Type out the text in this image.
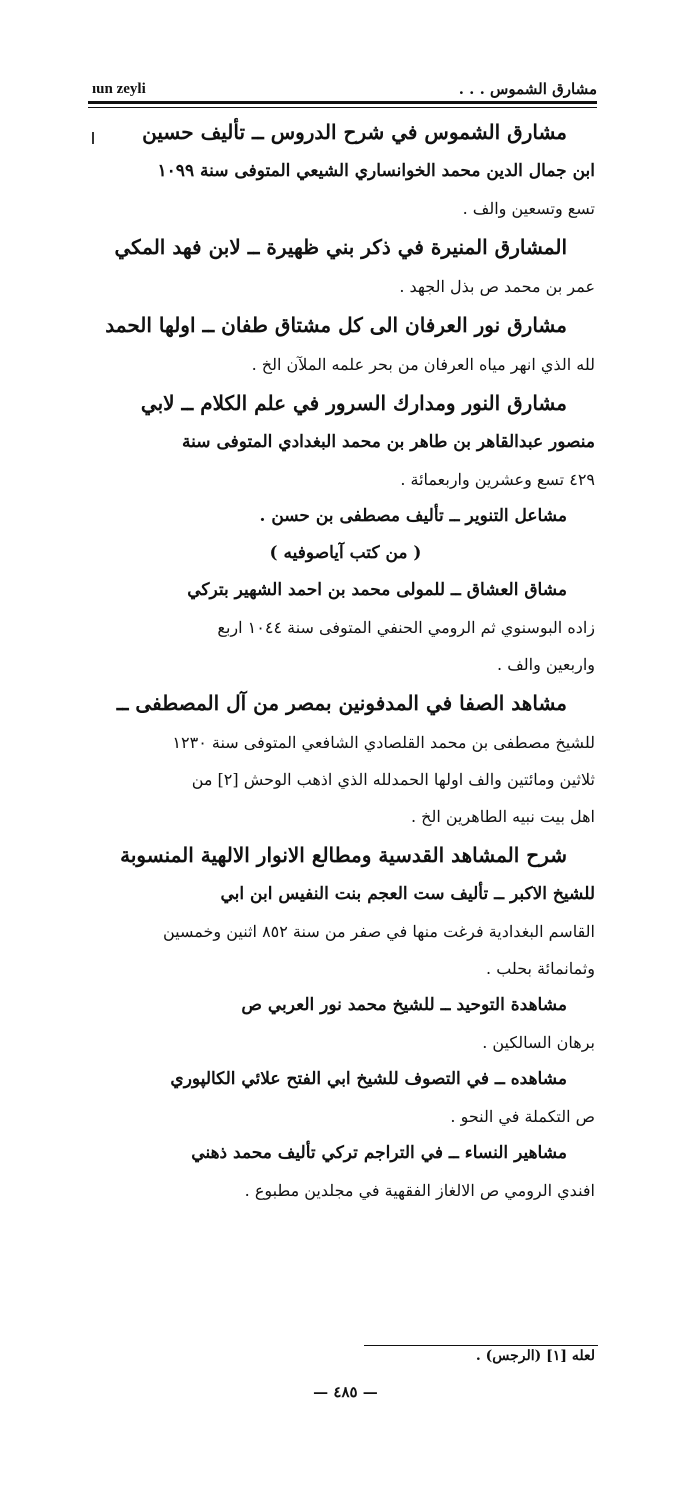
ıun zeyli	مشارق الشموس . . .
مشارق الشموس في شرح الدروس ــ تأليف حسين
ابن جمال الدين محمد الخوانساري الشيعي المتوفى سنة ١٠٩٩
تسع وتسعين والف .
المشارق المنيرة في ذكر بني ظهيرة ــ لابن فهد المكي
عمر بن محمد ص بذل الجهد .
مشارق نور العرفان الى كل مشتاق طفان ــ اولها الحمد
لله الذي انهر مياه العرفان من بحر علمه الملآن الخ .
مشارق النور ومدارك السرور في علم الكلام ــ لابي
منصور عبدالقاهر بن طاهر بن محمد البغدادي المتوفى سنة
٤٢٩ تسع وعشرين واربعمائة .
مشاعل التنوير ــ تأليف مصطفى بن حسن .
( من كتب آياصوفيه )
مشاق العشاق ــ للمولى محمد بن احمد الشهير بتركي
زاده البوسنوي ثم الرومي الحنفي المتوفى سنة ١٠٤٤ اربع
واربعين والف .
مشاهد الصفا في المدفونين بمصر من آل المصطفى ــ
للشيخ مصطفى بن محمد القلصادي الشافعي المتوفى سنة ١٢٣٠
ثلاثين ومائتين والف اولها الحمدلله الذي اذهب الوحش [٢] من
اهل بيت نبيه الطاهرين الخ .
شرح المشاهد القدسية ومطالع الانوار الالهية المنسوبة
للشيخ الاكبر ــ تأليف ست العجم بنت النفيس ابن ابي
القاسم البغدادية فرغت منها في صفر من سنة ٨٥٢ اثنين وخمسين
وثمانمائة بحلب .
مشاهدة التوحيد ــ للشيخ محمد نور العربي ص
برهان السالكين .
مشاهده ــ في التصوف للشيخ ابي الفتح علائي الكالپوري
ص التكملة في النحو .
مشاهير النساء ــ في التراجم تركي تأليف محمد ذهني
افندي الرومي ص الالغاز الفقهية في مجلدين مطبوع .
لعله [١] (الرجس) .
— ٤٨٥ —
